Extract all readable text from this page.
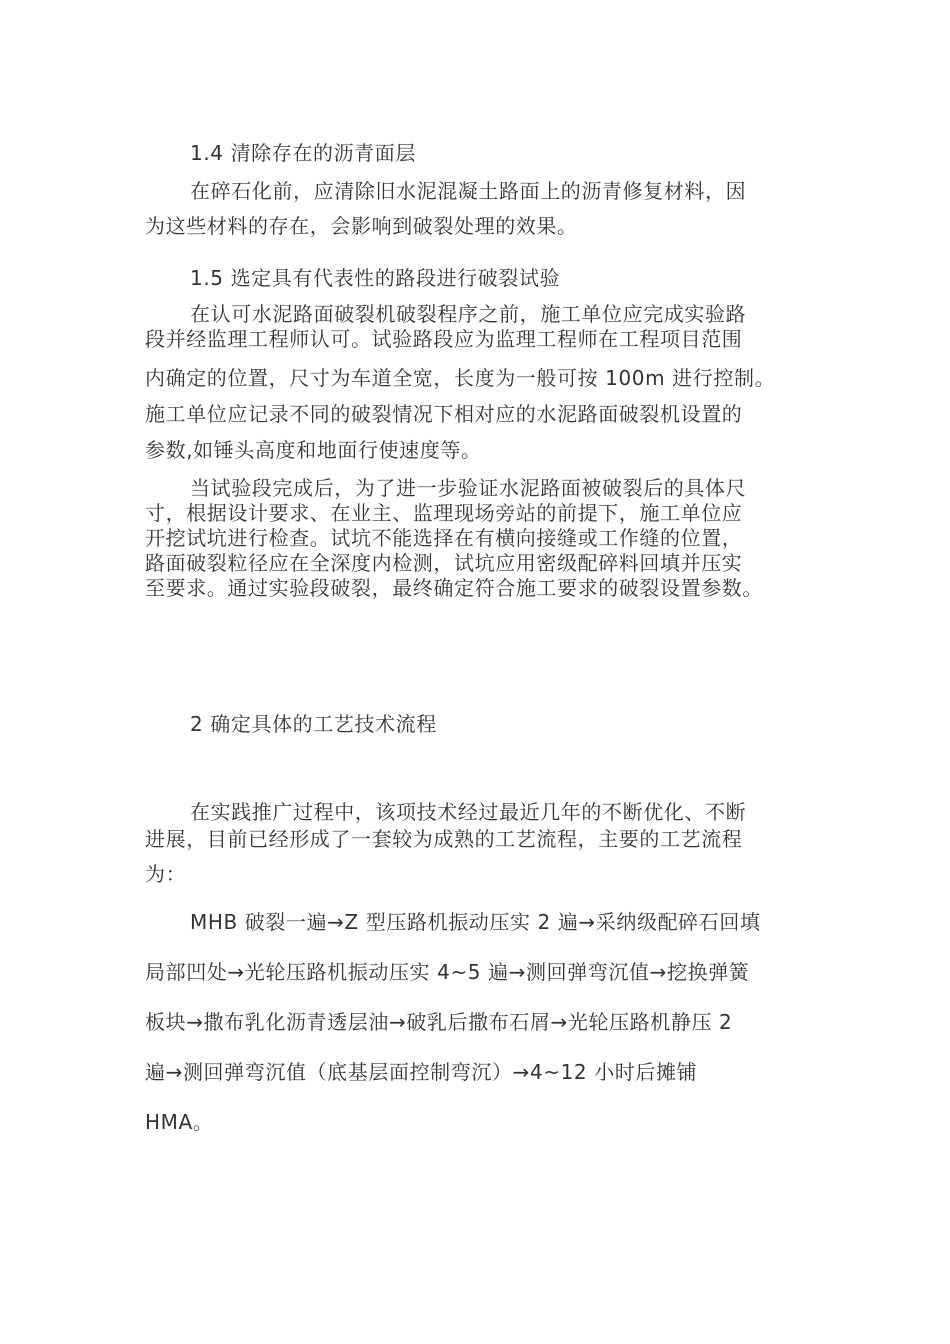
1.4 清除存在的沥青面层
在碎石化前，应清除旧水泥混凝土路面上的沥青修复材料，因
为这些材料的存在，会影响到破裂处理的效果。
1.5 选定具有代表性的路段进行破裂试验
在认可水泥路面破裂机破裂程序之前，施工单位应完成实验路
段并经监理工程师认可。试验路段应为监理工程师在工程项目范围
内确定的位置，尺寸为车道全宽，长度为一般可按 100m 进行控制。
施工单位应记录不同的破裂情况下相对应的水泥路面破裂机设置的
参数,如锤头高度和地面行使速度等。
当试验段完成后，为了进一步验证水泥路面被破裂后的具体尺
寸，根据设计要求、在业主、监理现场旁站的前提下，施工单位应
开挖试坑进行检查。试坑不能选择在有横向接缝或工作缝的位置，
路面破裂粒径应在全深度内检测，试坑应用密级配碎料回填并压实
至要求。通过实验段破裂，最终确定符合施工要求的破裂设置参数。
2 确定具体的工艺技术流程
在实践推广过程中，该项技术经过最近几年的不断优化、不断
进展，目前已经形成了一套较为成熟的工艺流程，主要的工艺流程
为：
MHB 破裂一遍→Z 型压路机振动压实 2 遍→采纳级配碎石回填
局部凹处→光轮压路机振动压实 4~5 遍→测回弹弯沉值→挖换弹簧
板块→撒布乳化沥青透层油→破乳后撒布石屑→光轮压路机静压 2
遍→测回弹弯沉值（底基层面控制弯沉）→4~12 小时后摊铺
HMA。
